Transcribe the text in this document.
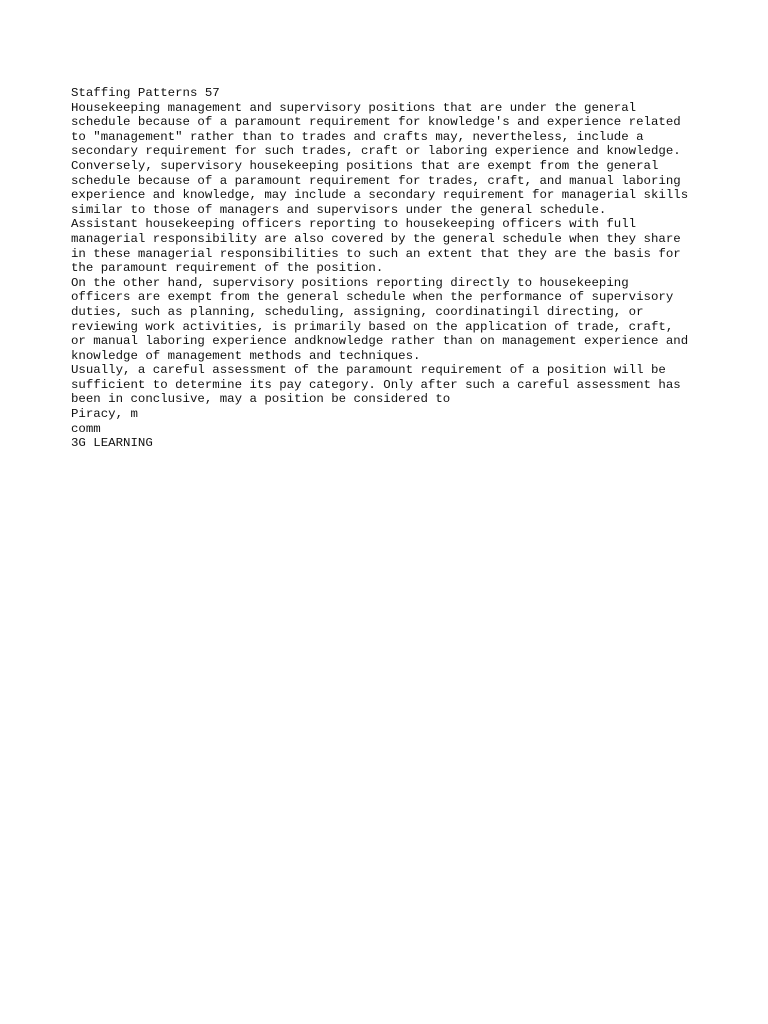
Staffing Patterns 57
Housekeeping management and supervisory positions that are under the general
schedule because of a paramount requirement for knowledge's and experience related
to "management" rather than to trades and crafts may, nevertheless, include a
secondary requirement for such trades, craft or laboring experience and knowledge.
Conversely, supervisory housekeeping positions that are exempt from the general
schedule because of a paramount requirement for trades, craft, and manual laboring
experience and knowledge, may include a secondary requirement for managerial skills
similar to those of managers and supervisors under the general schedule.
Assistant housekeeping officers reporting to housekeeping officers with full
managerial responsibility are also covered by the general schedule when they share
in these managerial responsibilities to such an extent that they are the basis for
the paramount requirement of the position.
On the other hand, supervisory positions reporting directly to housekeeping
officers are exempt from the general schedule when the performance of supervisory
duties, such as planning, scheduling, assigning, coordinatingil directing, or
reviewing work activities, is primarily based on the application of trade, craft,
or manual laboring experience andknowledge rather than on management experience and
knowledge of management methods and techniques.
Usually, a careful assessment of the paramount requirement of a position will be
sufficient to determine its pay category. Only after such a careful assessment has
been in conclusive, may a position be considered to
Piracy, m
comm
3G LEARNING
